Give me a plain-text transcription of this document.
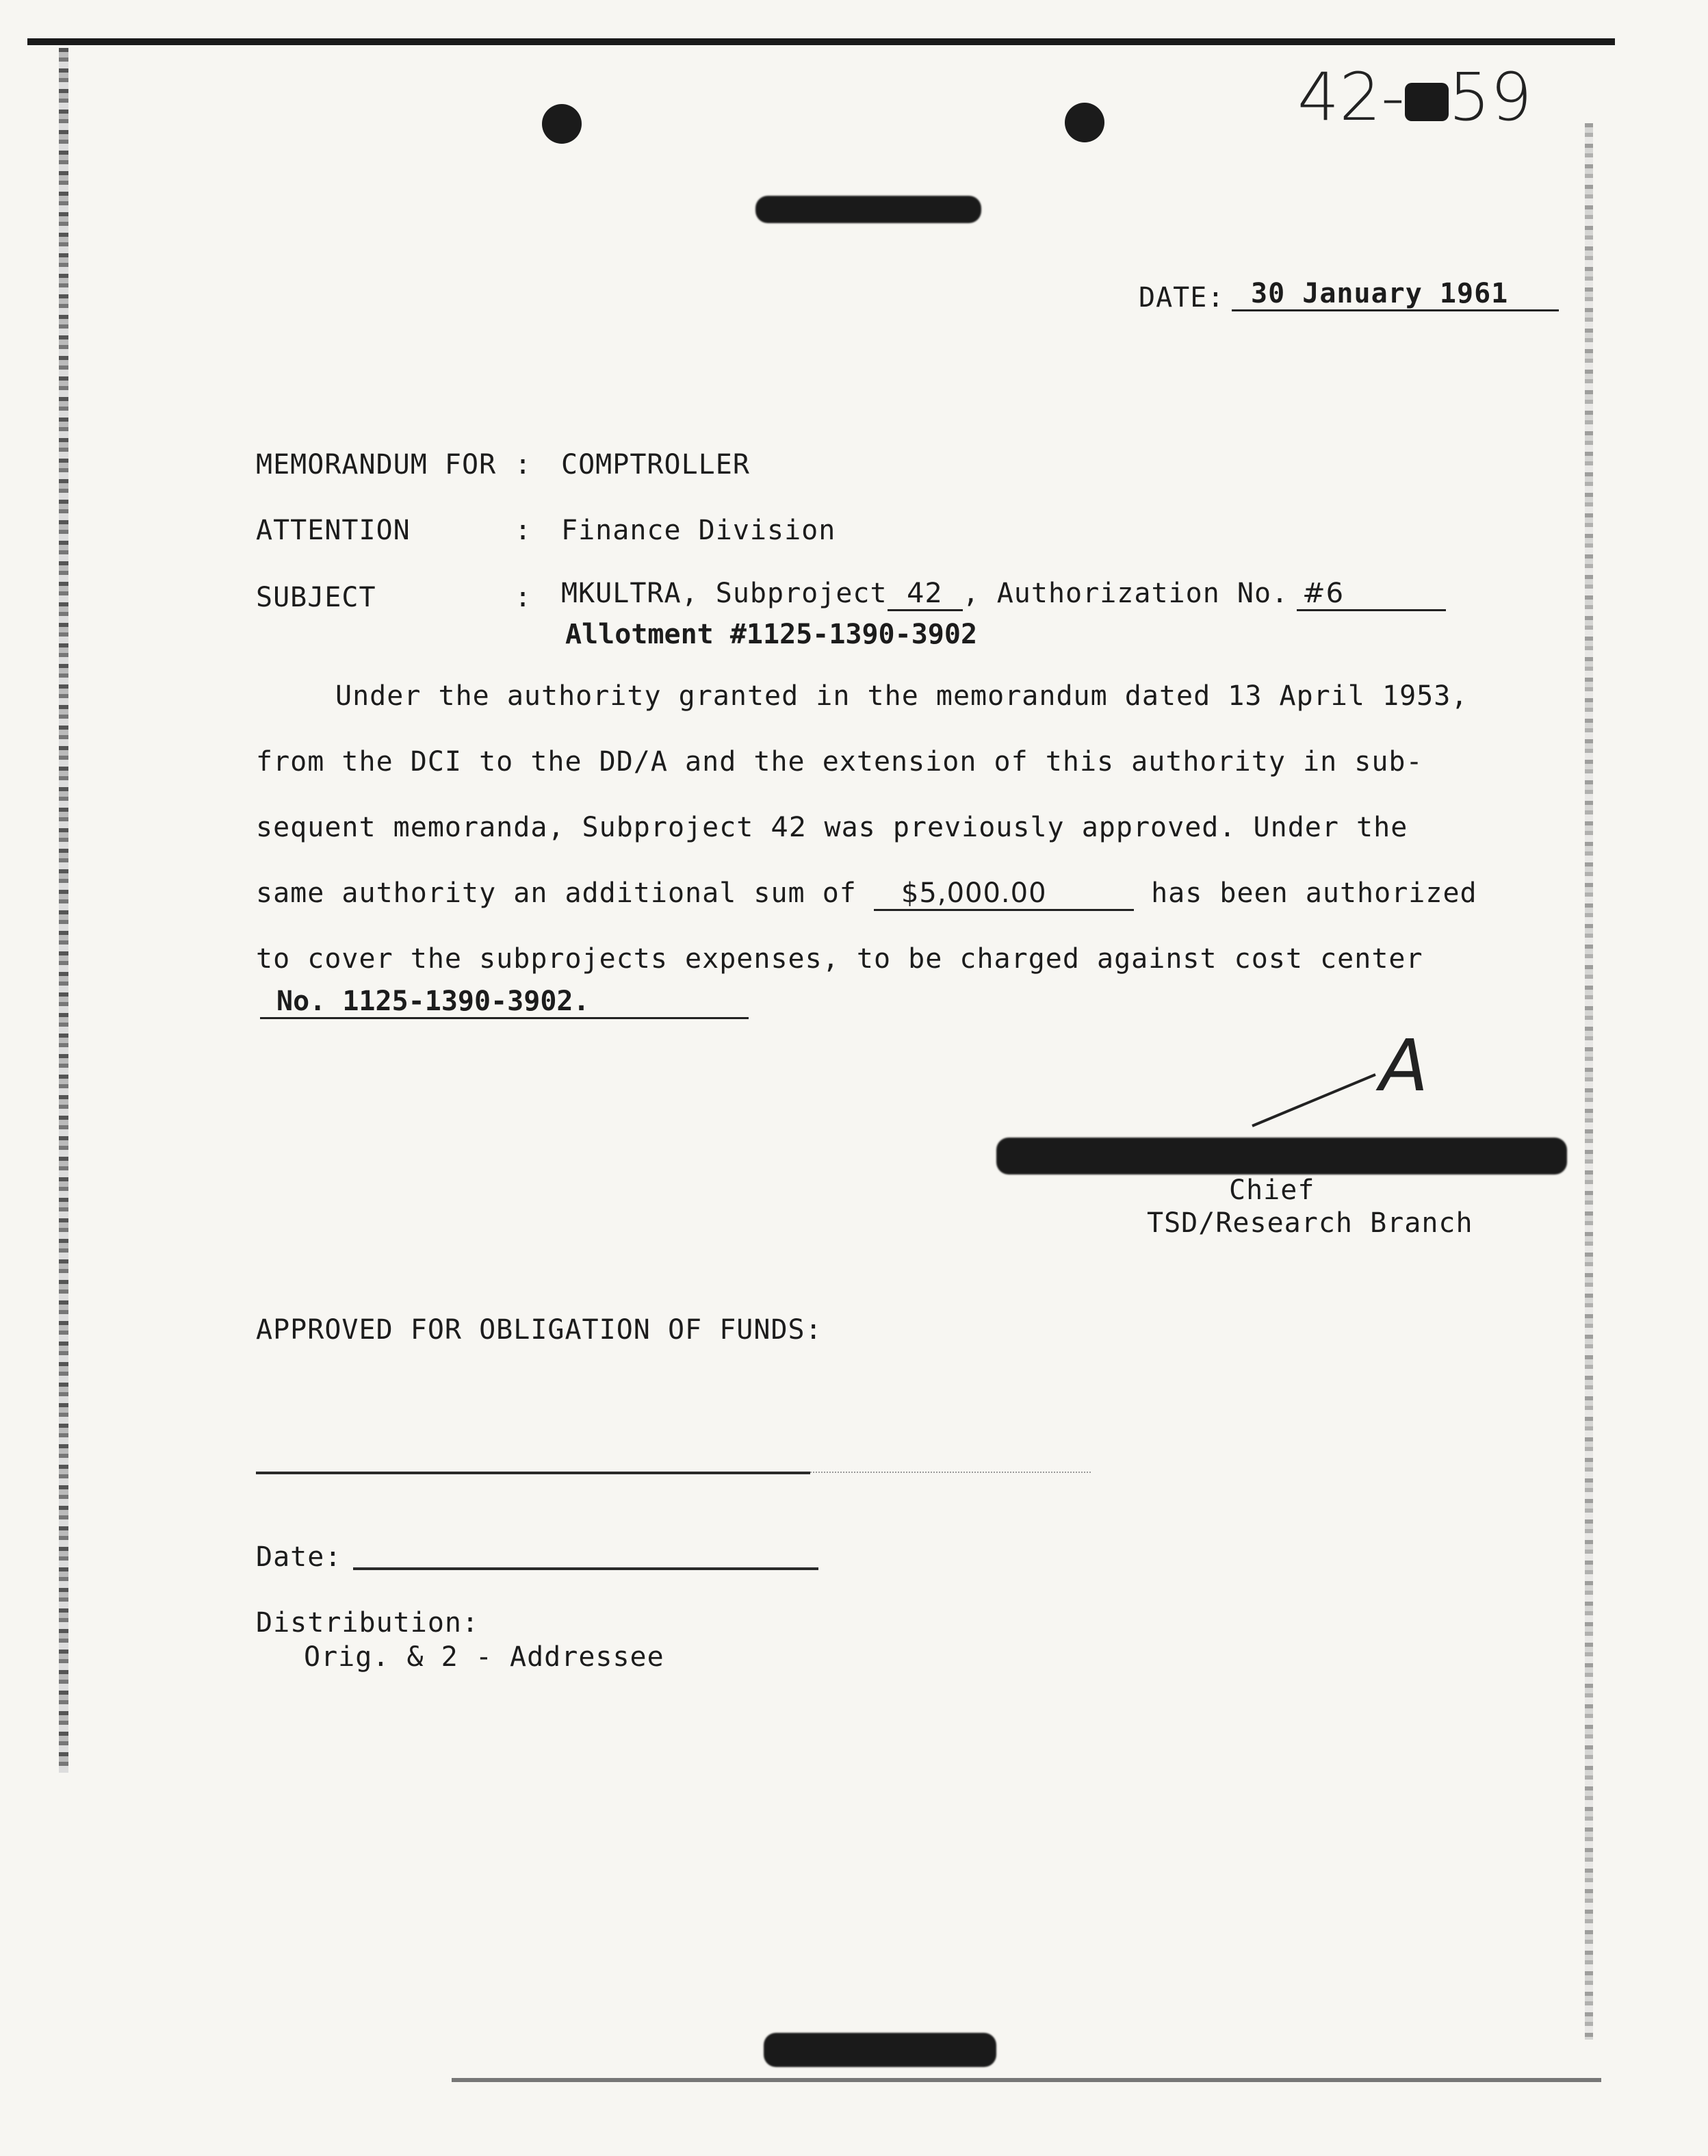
42- 59
DATE: 30 January 1961
MEMORANDUM FOR : COMPTROLLER
ATTENTION	: Finance Division
SUBJECT	: MKULTRA, Subproject 42 , Authorization No. #6
Allotment #1125-1390-3902
Under the authority granted in the memorandum dated 13 April 1953,
from the DCI to the DD/A and the extension of this authority in sub-
sequent memoranda, Subproject 42 was previously approved. Under the
same authority an additional sum of $5,000.00	has been authorized
to cover the subprojects expenses, to be charged against cost center
No. 1125-1390-3902.
A
Chief
TSD/Research Branch
APPROVED FOR OBLIGATION OF FUNDS:
Date:
Distribution:
Orig. & 2 - Addressee
